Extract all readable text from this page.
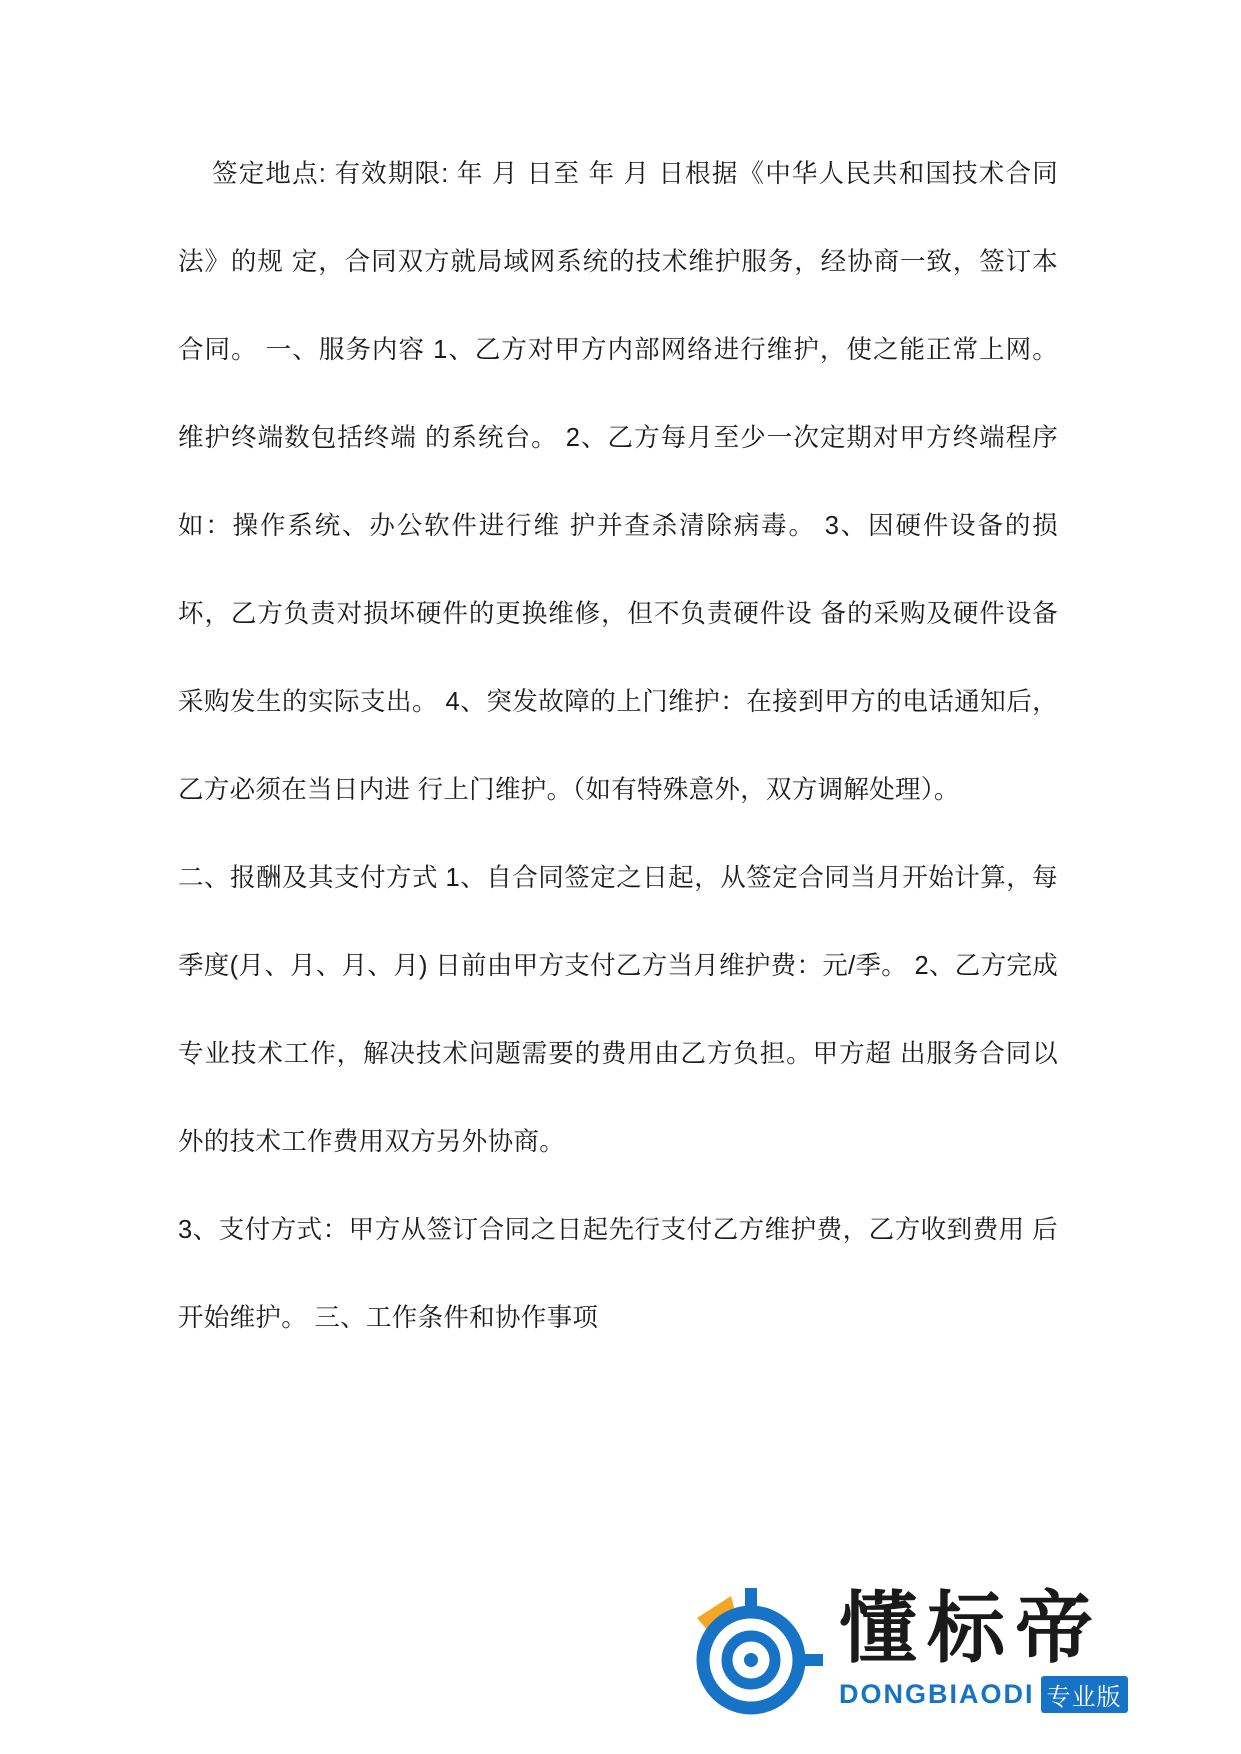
签定地点: 有效期限: 年 月 日至 年 月 日根据《中华人民共和国技术合同法》的规 定，合同双方就局域网系统的技术维护服务，经协商一致，签订本合同。 一、服务内容 1、乙方对甲方内部网络进行维护，使之能正常上网。维护终端数包括终端 的系统台。 2、乙方每月至少一次定期对甲方终端程序如：操作系统、办公软件进行维 护并查杀清除病毒。 3、因硬件设备的损坏，乙方负责对损坏硬件的更换维修，但不负责硬件设 备的采购及硬件设备采购发生的实际支出。 4、突发故障的上门维护：在接到甲方的电话通知后，乙方必须在当日内进 行上门维护。（如有特殊意外，双方调解处理）。

二、报酬及其支付方式 1、自合同签定之日起，从签定合同当月开始计算，每季度(月、月、月、月) 日前由甲方支付乙方当月维护费：元/季。 2、乙方完成专业技术工作，解决技术问题需要的费用由乙方负担。甲方超 出服务合同以外的技术工作费用双方另外协商。

3、支付方式：甲方从签订合同之日起先行支付乙方维护费，乙方收到费用 后开始维护。 三、工作条件和协作事项

懂标帝
DONGBIAODI 专业版
